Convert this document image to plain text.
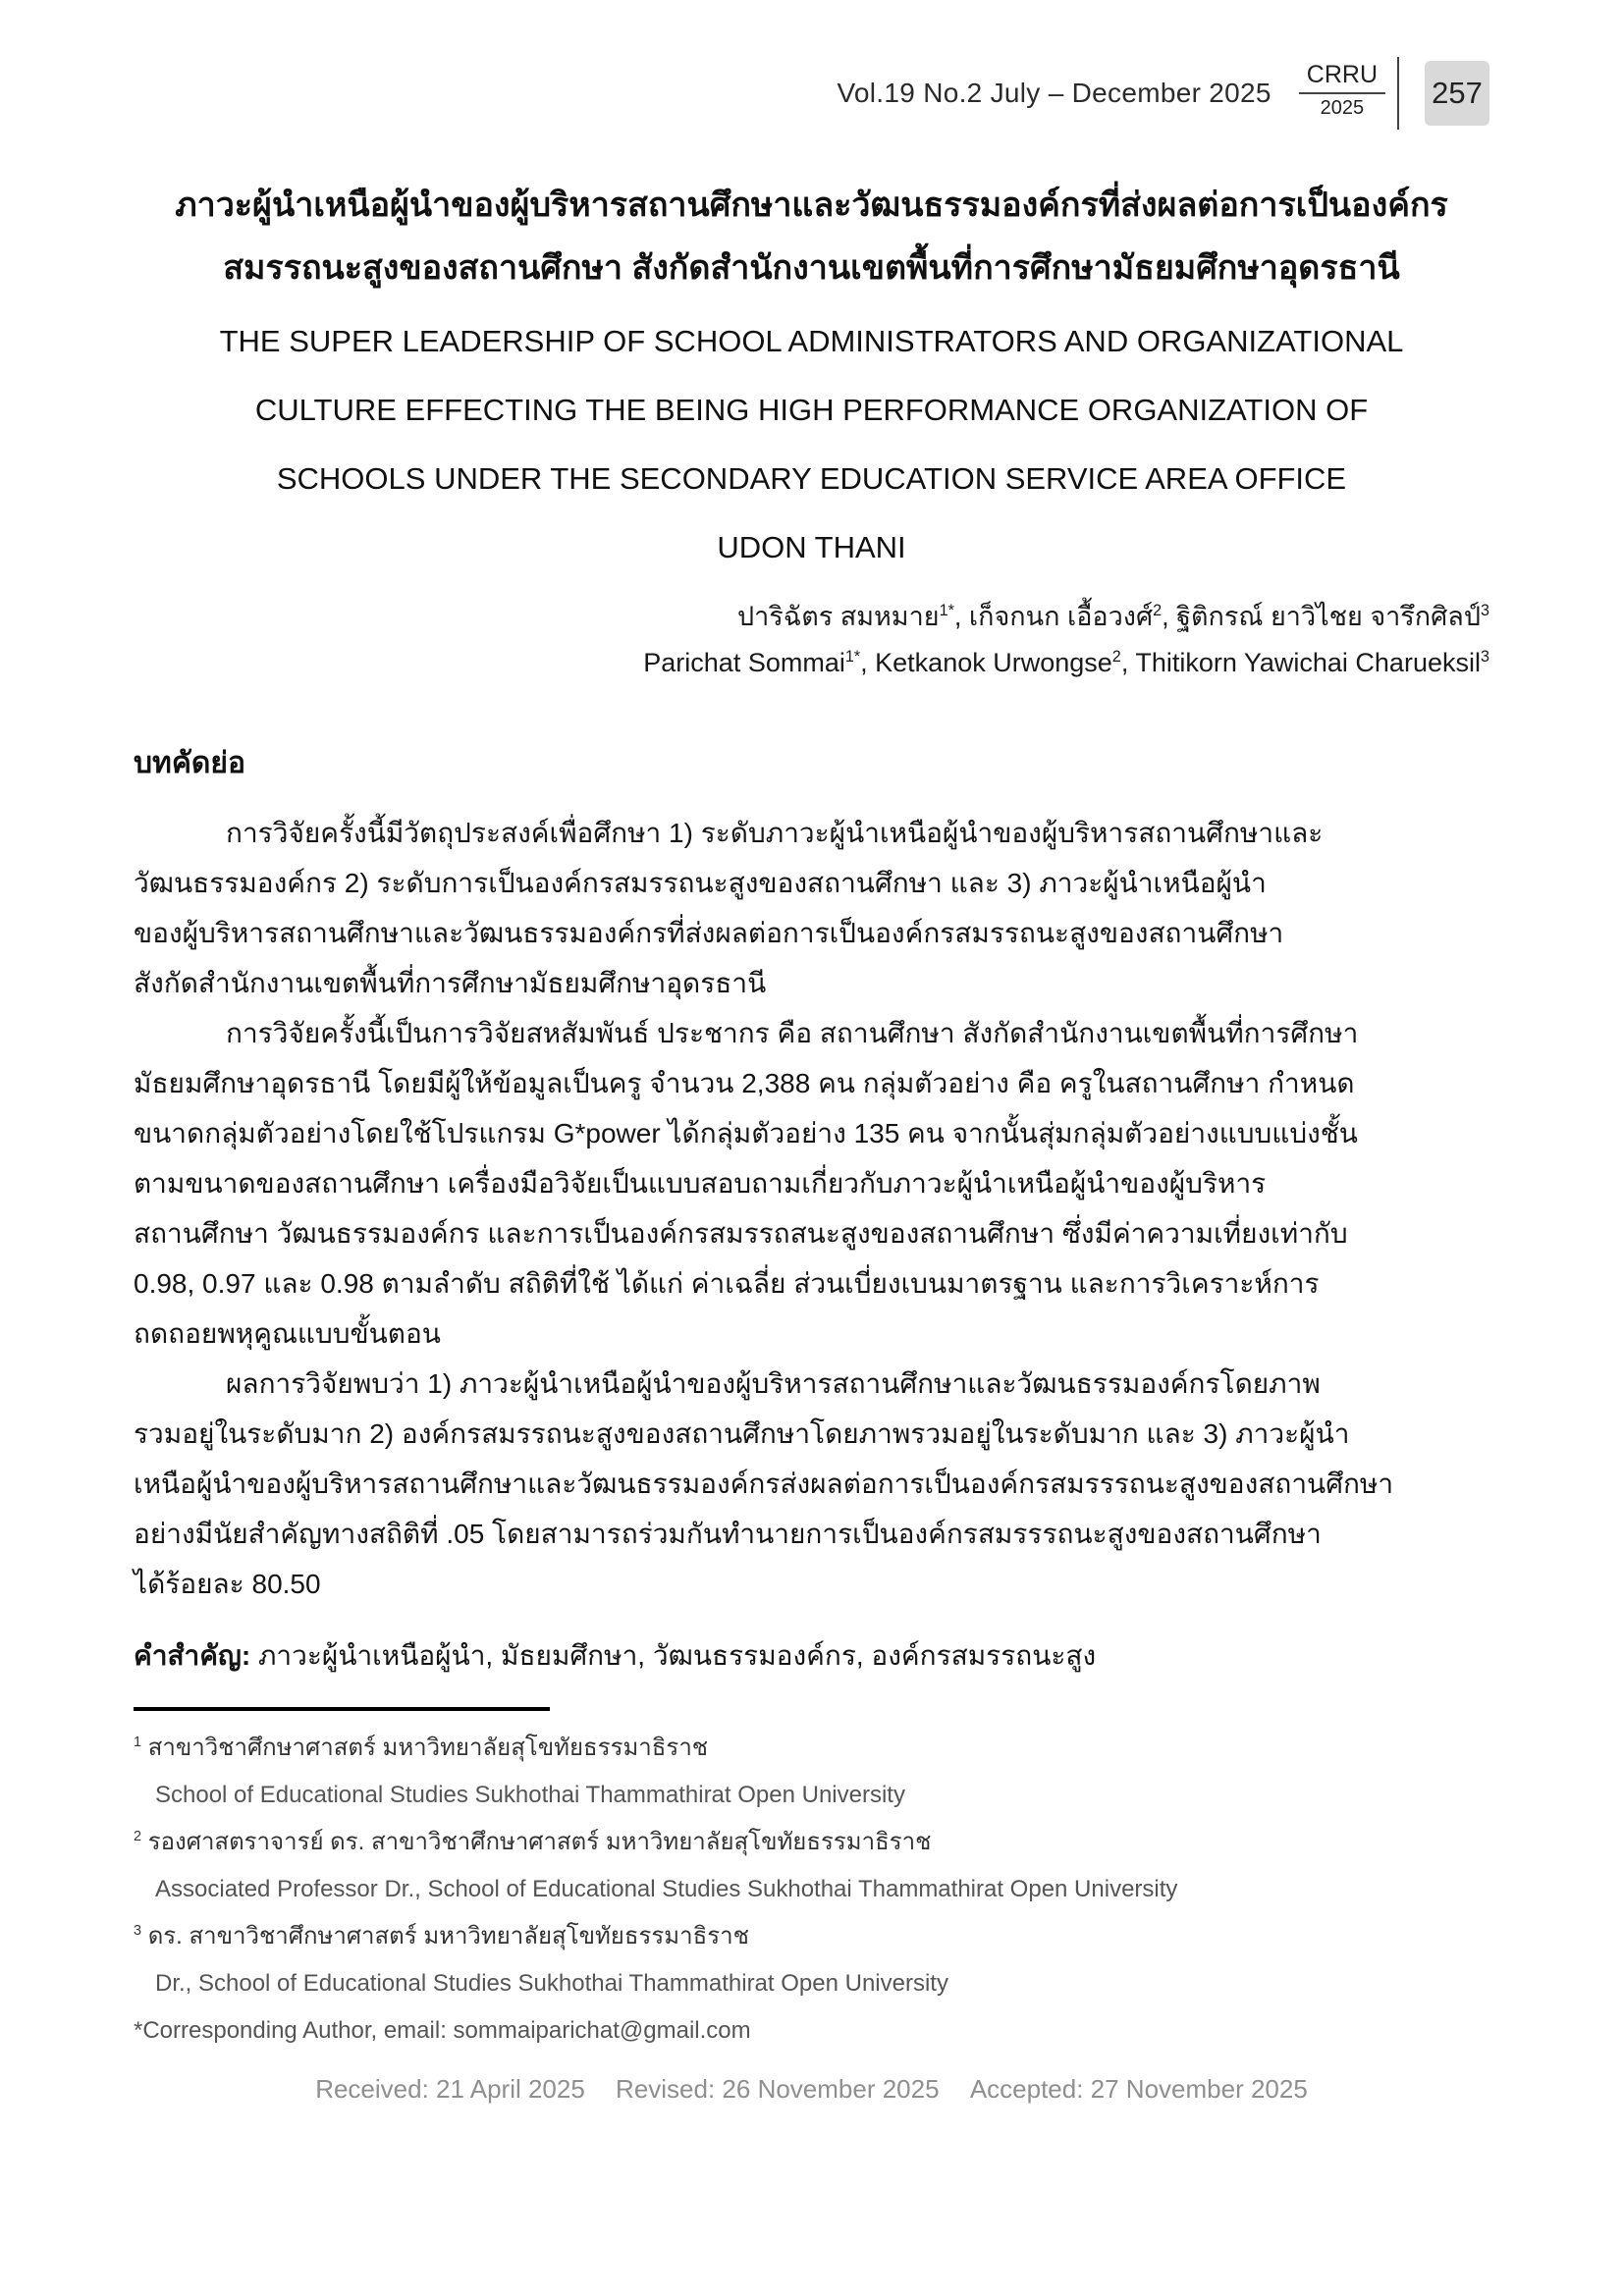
Vol.19 No.2 July – December 2025
CRRU
2025 257
ภาวะผู้นำเหนือผู้นำของผู้บริหารสถานศึกษาและวัฒนธรรมองค์กรที่ส่งผลต่อการเป็นองค์กร
สมรรถนะสูงของสถานศึกษา สังกัดสำนักงานเขตพื้นที่การศึกษามัธยมศึกษาอุดรธานี
THE SUPER LEADERSHIP OF SCHOOL ADMINISTRATORS AND ORGANIZATIONAL
CULTURE EFFECTING THE BEING HIGH PERFORMANCE ORGANIZATION OF
SCHOOLS UNDER THE SECONDARY EDUCATION SERVICE AREA OFFICE
UDON THANI
ปาริฉัตร สมหมาย$^{1*}$, เก็จกนก เอื้อวงศ์$^2$, ฐิติกรณ์ ยาวิไชย จารึกศิลป์$^3$
Parichat Sommai$^{1*}$, Ketkanok Urwongse$^2$, Thitikorn Yawichai Charueksil$^3$
บทคัดย่อ
การวิจัยครั้งนี้มีวัตถุประสงค์เพื่อศึกษา 1) ระดับภาวะผู้นำเหนือผู้นำของผู้บริหารสถานศึกษาและ
วัฒนธรรมองค์กร 2) ระดับการเป็นองค์กรสมรรถนะสูงของสถานศึกษา และ 3) ภาวะผู้นำเหนือผู้นำ
ของผู้บริหารสถานศึกษาและวัฒนธรรมองค์กรที่ส่งผลต่อการเป็นองค์กรสมรรถนะสูงของสถานศึกษา
สังกัดสำนักงานเขตพื้นที่การศึกษามัธยมศึกษาอุดรธานี
การวิจัยครั้งนี้เป็นการวิจัยสหสัมพันธ์ ประชากร คือ สถานศึกษา สังกัดสำนักงานเขตพื้นที่การศึกษา
มัธยมศึกษาอุดรธานี โดยมีผู้ให้ข้อมูลเป็นครู จำนวน 2,388 คน กลุ่มตัวอย่าง คือ ครูในสถานศึกษา กำหนด
ขนาดกลุ่มตัวอย่างโดยใช้โปรแกรม G*power ได้กลุ่มตัวอย่าง 135 คน จากนั้นสุ่มกลุ่มตัวอย่างแบบแบ่งชั้น
ตามขนาดของสถานศึกษา เครื่องมือวิจัยเป็นแบบสอบถามเกี่ยวกับภาวะผู้นำเหนือผู้นำของผู้บริหาร
สถานศึกษา วัฒนธรรมองค์กร และการเป็นองค์กรสมรรถสนะสูงของสถานศึกษา ซึ่งมีค่าความเที่ยงเท่ากับ
0.98, 0.97 และ 0.98 ตามลำดับ สถิติที่ใช้ ได้แก่ ค่าเฉลี่ย ส่วนเบี่ยงเบนมาตรฐาน และการวิเคราะห์การ
ถดถอยพหุคูณแบบขั้นตอน
ผลการวิจัยพบว่า 1) ภาวะผู้นำเหนือผู้นำของผู้บริหารสถานศึกษาและวัฒนธรรมองค์กรโดยภาพ
รวมอยู่ในระดับมาก 2) องค์กรสมรรถนะสูงของสถานศึกษาโดยภาพรวมอยู่ในระดับมาก และ 3) ภาวะผู้นำ
เหนือผู้นำของผู้บริหารสถานศึกษาและวัฒนธรรมองค์กรส่งผลต่อการเป็นองค์กรสมรรรถนะสูงของสถานศึกษา
อย่างมีนัยสำคัญทางสถิติที่ .05 โดยสามารถร่วมกันทำนายการเป็นองค์กรสมรรรถนะสูงของสถานศึกษา
ได้ร้อยละ 80.50
คำสำคัญ: ภาวะผู้นำเหนือผู้นำ, มัธยมศึกษา, วัฒนธรรมองค์กร, องค์กรสมรรถนะสูง
$^1$ สาขาวิชาศึกษาศาสตร์ มหาวิทยาลัยสุโขทัยธรรมาธิราช
School of Educational Studies Sukhothai Thammathirat Open University
$^2$ รองศาสตราจารย์ ดร. สาขาวิชาศึกษาศาสตร์ มหาวิทยาลัยสุโขทัยธรรมาธิราช
Associated Professor Dr., School of Educational Studies Sukhothai Thammathirat Open University
$^3$ ดร. สาขาวิชาศึกษาศาสตร์ มหาวิทยาลัยสุโขทัยธรรมาธิราช
Dr., School of Educational Studies Sukhothai Thammathirat Open University
*Corresponding Author, email: sommaiparichat@gmail.com
Received: 21 April 2025 Revised: 26 November 2025 Accepted: 27 November 2025
